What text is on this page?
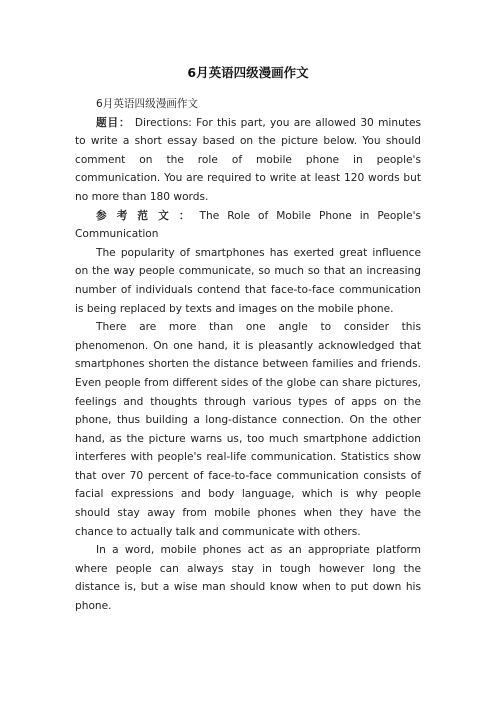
6月英语四级漫画作文

6月英语四级漫画作文

题目： Directions: For this part, you are allowed 30 minutes to write a short essay based on the picture below. You should comment on the role of mobile phone in people's communication. You are required to write at least 120 words but no more than 180 words.

参考范文：The Role of Mobile Phone in People's Communication

The popularity of smartphones has exerted great influence on the way people communicate, so much so that an increasing number of individuals contend that face-to-face communication is being replaced by texts and images on the mobile phone.

There are more than one angle to consider this phenomenon. On one hand, it is pleasantly acknowledged that smartphones shorten the distance between families and friends. Even people from different sides of the globe can share pictures, feelings and thoughts through various types of apps on the phone, thus building a long-distance connection. On the other hand, as the picture warns us, too much smartphone addiction interferes with people's real-life communication. Statistics show that over 70 percent of face-to-face communication consists of facial expressions and body language, which is why people should stay away from mobile phones when they have the chance to actually talk and communicate with others.

In a word, mobile phones act as an appropriate platform where people can always stay in tough however long the distance is, but a wise man should know when to put down his phone.
